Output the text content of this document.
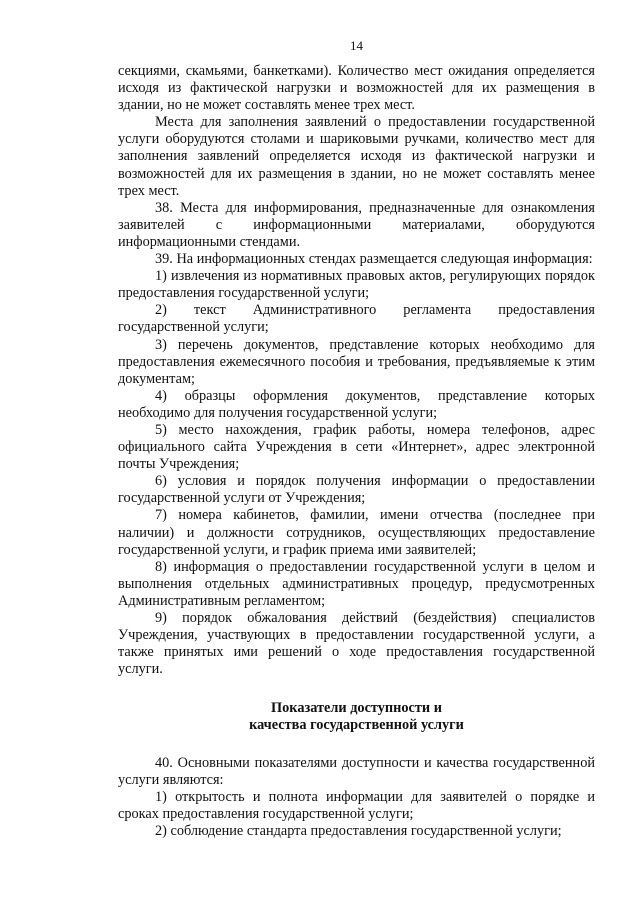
14

секциями, скамьями, банкетками). Количество мест ожидания определяется исходя из фактической нагрузки и возможностей для их размещения в здании, но не может составлять менее трех мест.

Места для заполнения заявлений о предоставлении государственной услуги оборудуются столами и шариковыми ручками, количество мест для заполнения заявлений определяется исходя из фактической нагрузки и возможностей для их размещения в здании, но не может составлять менее трех мест.

38. Места для информирования, предназначенные для ознакомления заявителей с информационными материалами, оборудуются информационными стендами.

39. На информационных стендах размещается следующая информация:

1) извлечения из нормативных правовых актов, регулирующих порядок предоставления государственной услуги;

2) текст Административного регламента предоставления государственной услуги;

3) перечень документов, представление которых необходимо для предоставления ежемесячного пособия и требования, предъявляемые к этим документам;

4) образцы оформления документов, представление которых необходимо для получения государственной услуги;

5) место нахождения, график работы, номера телефонов, адрес официального сайта Учреждения в сети «Интернет», адрес электронной почты Учреждения;

6) условия и порядок получения информации о предоставлении государственной услуги от Учреждения;

7) номера кабинетов, фамилии, имени отчества (последнее при наличии) и должности сотрудников, осуществляющих предоставление государственной услуги, и график приема ими заявителей;

8) информация о предоставлении государственной услуги в целом и выполнения отдельных административных процедур, предусмотренных Административным регламентом;

9) порядок обжалования действий (бездействия) специалистов Учреждения, участвующих в предоставлении государственной услуги, а также принятых ими решений о ходе предоставления государственной услуги.

Показатели доступности и

качества государственной услуги

40. Основными показателями доступности и качества государственной услуги являются:

1) открытость и полнота информации для заявителей о порядке и сроках предоставления государственной услуги;

2) соблюдение стандарта предоставления государственной услуги;
